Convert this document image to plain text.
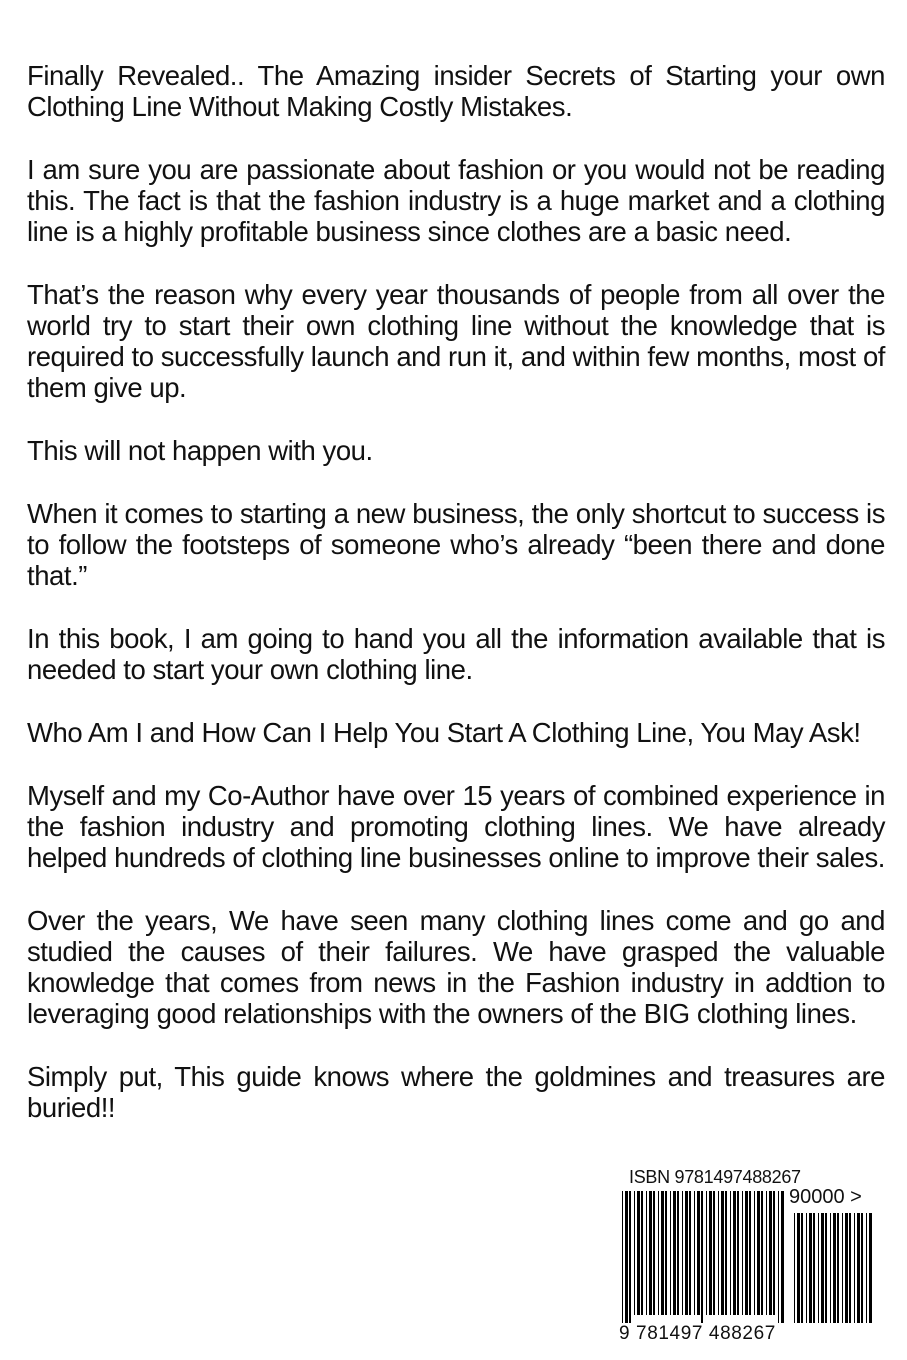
Finally Revealed.. The Amazing insider Secrets of Starting your own Clothing Line Without Making Costly Mistakes.

I am sure you are passionate about fashion or you would not be reading this. The fact is that the fashion industry is a huge market and a clothing line is a highly profitable business since clothes are a basic need.

That’s the reason why every year thousands of people from all over the world try to start their own clothing line without the knowledge that is required to successfully launch and run it, and within few months, most of them give up.

This will not happen with you.

When it comes to starting a new business, the only shortcut to success is to follow the footsteps of someone who’s already “been there and done that.”

In this book, I am going to hand you all the information available that is needed to start your own clothing line.

Who Am I and How Can I Help You Start A Clothing Line, You May Ask!

Myself and my Co-Author have over 15 years of combined experience in the fashion industry and promoting clothing lines. We have already helped hundreds of clothing line businesses online to improve their sales.

Over the years, We have seen many clothing lines come and go and studied the causes of their failures. We have grasped the valuable knowledge that comes from news in the Fashion industry in addtion to leveraging good relationships with the owners of the BIG clothing lines.

Simply put, This guide knows where the goldmines and treasures are buried!!

ISBN 9781497488267
90000 >
9 781497 488267
